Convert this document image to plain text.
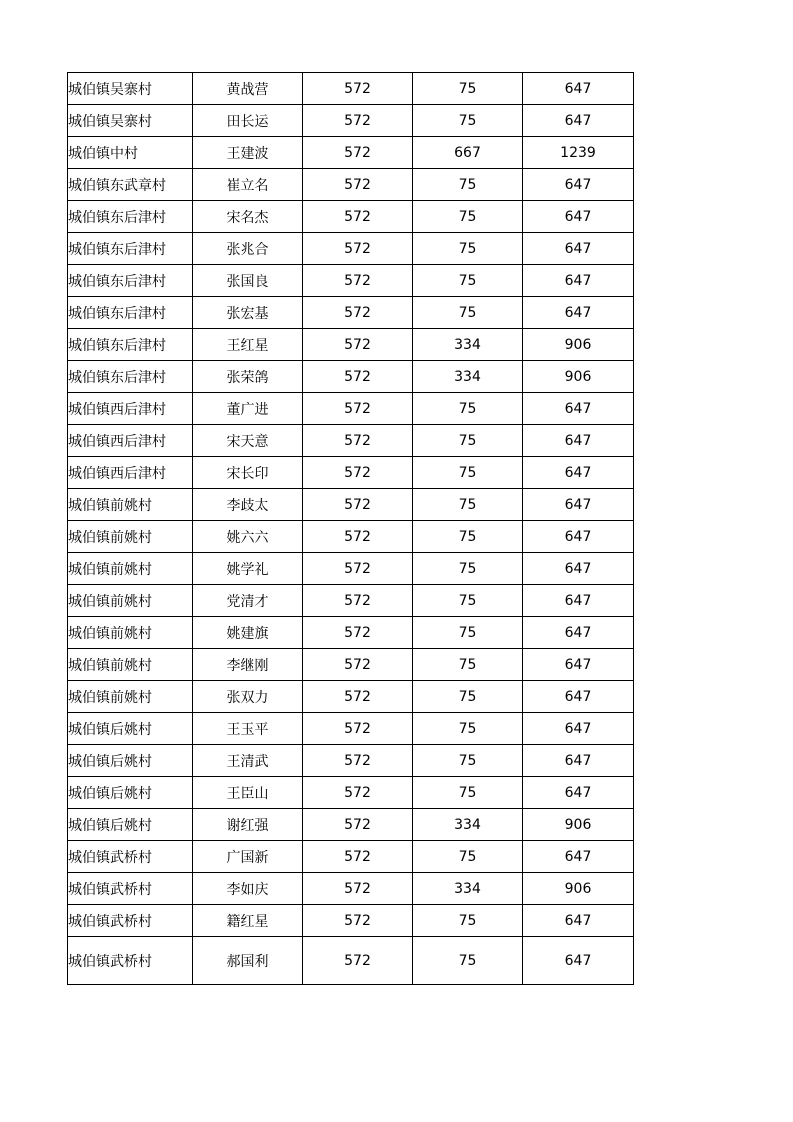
城伯镇吴寨村	黄战营	572	75	647
城伯镇吴寨村	田长运	572	75	647
城伯镇中村	王建波	572	667	1239
城伯镇东武章村	崔立名	572	75	647
城伯镇东后津村	宋名杰	572	75	647
城伯镇东后津村	张兆合	572	75	647
城伯镇东后津村	张国良	572	75	647
城伯镇东后津村	张宏基	572	75	647
城伯镇东后津村	王红星	572	334	906
城伯镇东后津村	张荣鸽	572	334	906
城伯镇西后津村	董广进	572	75	647
城伯镇西后津村	宋天意	572	75	647
城伯镇西后津村	宋长印	572	75	647
城伯镇前姚村	李歧太	572	75	647
城伯镇前姚村	姚六六	572	75	647
城伯镇前姚村	姚学礼	572	75	647
城伯镇前姚村	党清才	572	75	647
城伯镇前姚村	姚建旗	572	75	647
城伯镇前姚村	李继刚	572	75	647
城伯镇前姚村	张双力	572	75	647
城伯镇后姚村	王玉平	572	75	647
城伯镇后姚村	王清武	572	75	647
城伯镇后姚村	王臣山	572	75	647
城伯镇后姚村	谢红强	572	334	906
城伯镇武桥村	广国新	572	75	647
城伯镇武桥村	李如庆	572	334	906
城伯镇武桥村	籍红星	572	75	647
城伯镇武桥村	郝国利	572	75	647
